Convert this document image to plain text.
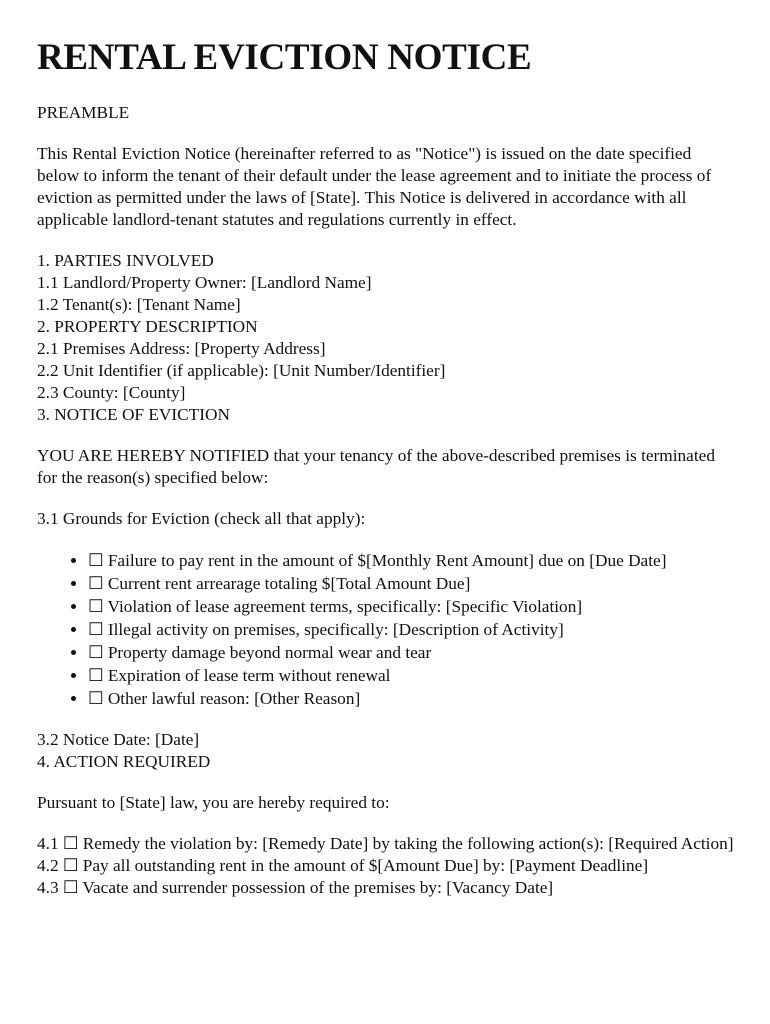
RENTAL EVICTION NOTICE

PREAMBLE

This Rental Eviction Notice (hereinafter referred to as "Notice") is issued on the date specified below to inform the tenant of their default under the lease agreement and to initiate the process of eviction as permitted under the laws of [State]. This Notice is delivered in accordance with all applicable landlord-tenant statutes and regulations currently in effect.

1. PARTIES INVOLVED
1.1 Landlord/Property Owner: [Landlord Name]
1.2 Tenant(s): [Tenant Name]
2. PROPERTY DESCRIPTION
2.1 Premises Address: [Property Address]
2.2 Unit Identifier (if applicable): [Unit Number/Identifier]
2.3 County: [County]
3. NOTICE OF EVICTION

YOU ARE HEREBY NOTIFIED that your tenancy of the above-described premises is terminated for the reason(s) specified below:

3.1 Grounds for Eviction (check all that apply):

• ☐ Failure to pay rent in the amount of $[Monthly Rent Amount] due on [Due Date]
• ☐ Current rent arrearage totaling $[Total Amount Due]
• ☐ Violation of lease agreement terms, specifically: [Specific Violation]
• ☐ Illegal activity on premises, specifically: [Description of Activity]
• ☐ Property damage beyond normal wear and tear
• ☐ Expiration of lease term without renewal
• ☐ Other lawful reason: [Other Reason]
3.2 Notice Date: [Date]
4. ACTION REQUIRED

Pursuant to [State] law, you are hereby required to:

4.1 ☐ Remedy the violation by: [Remedy Date] by taking the following action(s): [Required Action]
4.2 ☐ Pay all outstanding rent in the amount of $[Amount Due] by: [Payment Deadline]
4.3 ☐ Vacate and surrender possession of the premises by: [Vacancy Date]
